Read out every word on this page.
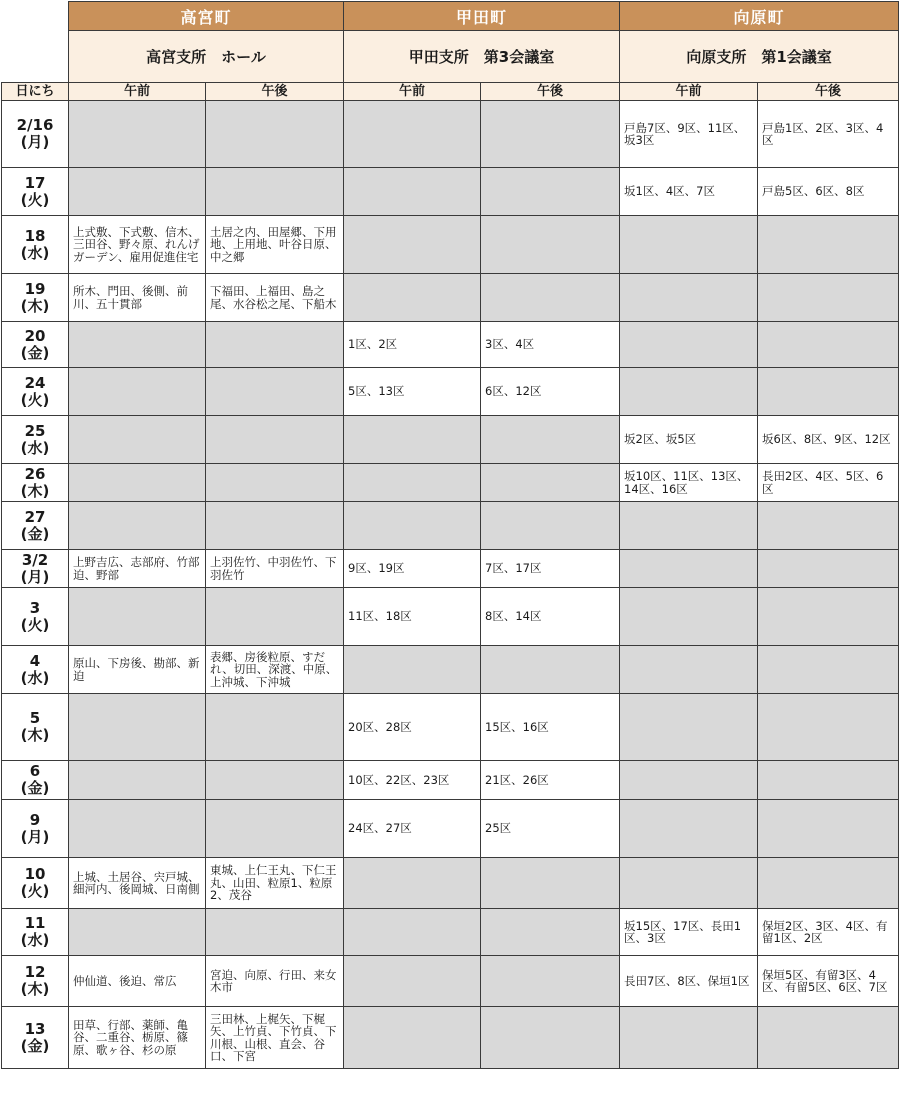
	高宮町		甲田町		向原町	
	高宮支所　ホール		甲田支所　第3会議室		向原支所　第1会議室	
日にち	午前	午後	午前	午後	午前	午後

2/16
(月)					戸島7区、9区、11区、坂3区	戸島1区、2区、3区、4区

17
(火)					坂1区、4区、7区	戸島5区、6区、8区

18
(水)	上式敷、下式敷、信木、三田谷、野々原、れんげガーデン、雇用促進住宅	土居之内、田屋郷、下用地、上用地、叶谷日原、中之郷				

19
(木)	所木、門田、後側、前川、五十貫部	下福田、上福田、島之尾、水谷松之尾、下船木				

20
(金)			1区、2区	3区、4区		

24
(火)			5区、13区	6区、12区		

25
(水)					坂2区、坂5区	坂6区、8区、9区、12区

26
(木)					坂10区、11区、13区、14区、16区	長田2区、4区、5区、6区

27
(金)						

3/2
(月)	上野吉広、志部府、竹部迫、野部	上羽佐竹、中羽佐竹、下羽佐竹	9区、19区	7区、17区		

3
(火)			11区、18区	8区、14区		

4
(水)	原山、下房後、勘部、新迫	表郷、房後粒原、すだれ、切田、深渡、中原、上沖城、下沖城				

5
(木)			20区、28区	15区、16区		

6
(金)			10区、22区、23区	21区、26区		

9
(月)			24区、27区	25区		

10
(火)	上城、土居谷、宍戸城、細河内、後岡城、日南側	東城、上仁王丸、下仁王丸、山田、粒原1、粒原2、茂谷				

11
(水)					坂15区、17区、長田1区、3区	保垣2区、3区、4区、有留1区、2区

12
(木)	仲仙道、後迫、常広	宮迫、向原、行田、来女木市			長田7区、8区、保垣1区	保垣5区、有留3区、4区、有留5区、6区、7区

13
(金)	田草、行部、薬師、亀谷、二重谷、栃原、篠原、歌ヶ谷、杉の原	三田林、上梶矢、下梶矢、上竹貞、下竹貞、下川根、山根、直会、谷口、下宮				
